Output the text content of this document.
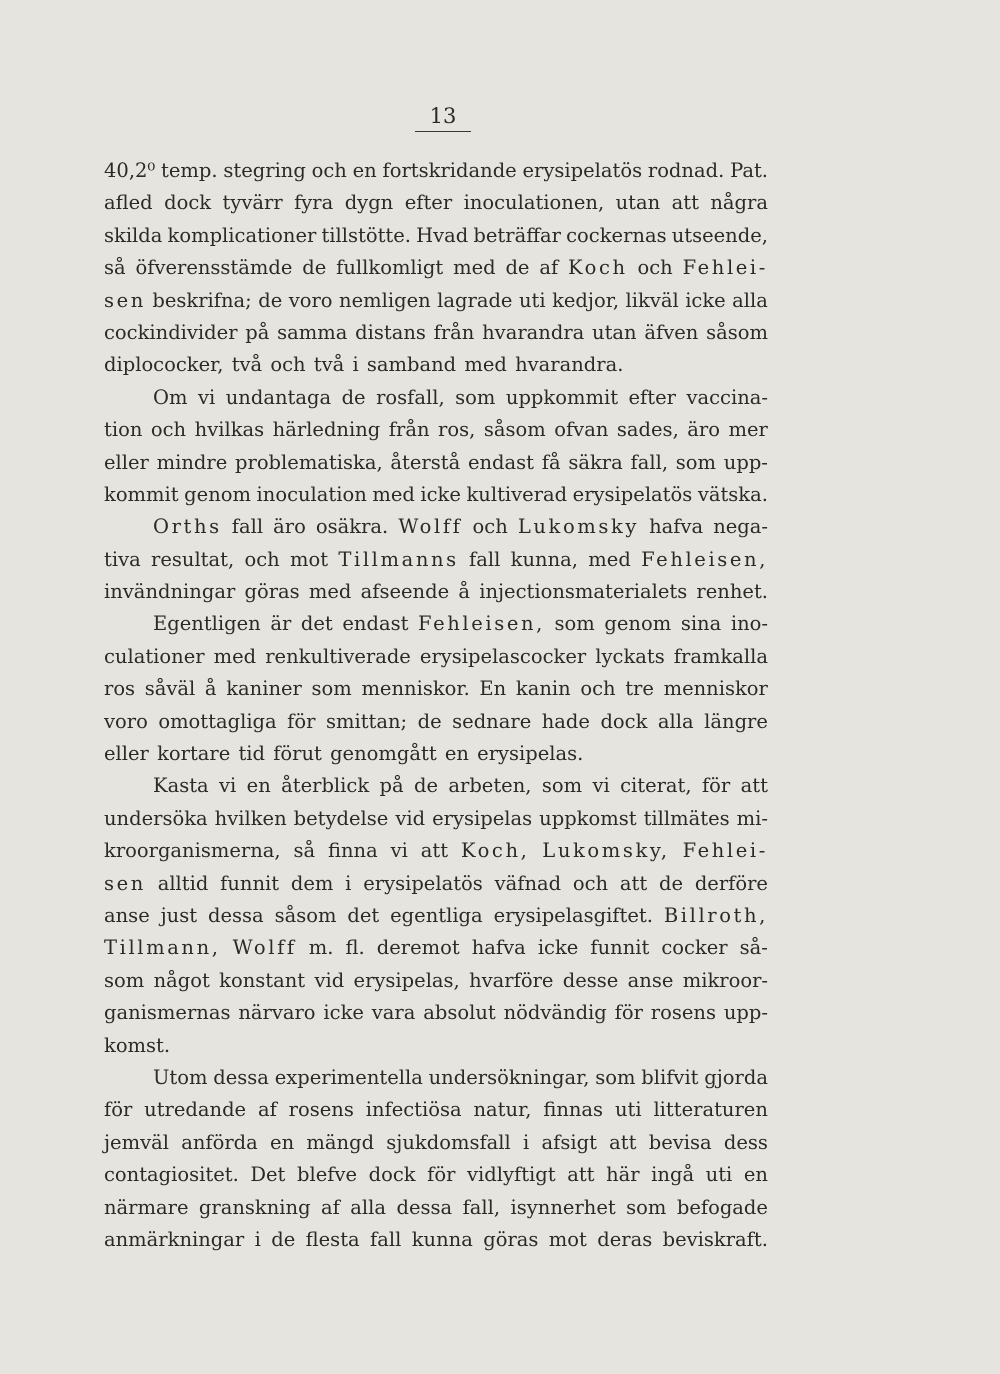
13
40,2⁰ temp. stegring och en fortskridande erysipelatös rodnad. Pat.
afled dock tyvärr fyra dygn efter inoculationen, utan att några
skilda komplicationer tillstötte. Hvad beträffar cockernas utseende,
så öfverensstämde de fullkomligt med de af Koch och Fehlei-
sen beskrifna; de voro nemligen lagrade uti kedjor, likväl icke alla
cockindivider på samma distans från hvarandra utan äfven såsom
diplococker, två och två i samband med hvarandra.
Om vi undantaga de rosfall, som uppkommit efter vaccina-
tion och hvilkas härledning från ros, såsom ofvan sades, äro mer
eller mindre problematiska, återstå endast få säkra fall, som upp-
kommit genom inoculation med icke kultiverad erysipelatös vätska.
Orths fall äro osäkra. Wolff och Lukomsky hafva nega-
tiva resultat, och mot Tillmanns fall kunna, med Fehleisen,
invändningar göras med afseende å injectionsmaterialets renhet.
Egentligen är det endast Fehleisen, som genom sina ino-
culationer med renkultiverade erysipelascocker lyckats framkalla
ros såväl å kaniner som menniskor. En kanin och tre menniskor
voro omottagliga för smittan; de sednare hade dock alla längre
eller kortare tid förut genomgått en erysipelas.
Kasta vi en återblick på de arbeten, som vi citerat, för att
undersöka hvilken betydelse vid erysipelas uppkomst tillmätes mi-
kroorganismerna, så finna vi att Koch, Lukomsky, Fehlei-
sen alltid funnit dem i erysipelatös väfnad och att de derföre
anse just dessa såsom det egentliga erysipelasgiftet. Billroth,
Tillmann, Wolff m. fl. deremot hafva icke funnit cocker så-
som något konstant vid erysipelas, hvarföre desse anse mikroor-
ganismernas närvaro icke vara absolut nödvändig för rosens upp-
komst.
Utom dessa experimentella undersökningar, som blifvit gjorda
för utredande af rosens infectiösa natur, finnas uti litteraturen
jemväl anförda en mängd sjukdomsfall i afsigt att bevisa dess
contagiositet. Det blefve dock för vidlyftigt att här ingå uti en
närmare granskning af alla dessa fall, isynnerhet som befogade
anmärkningar i de flesta fall kunna göras mot deras beviskraft.
